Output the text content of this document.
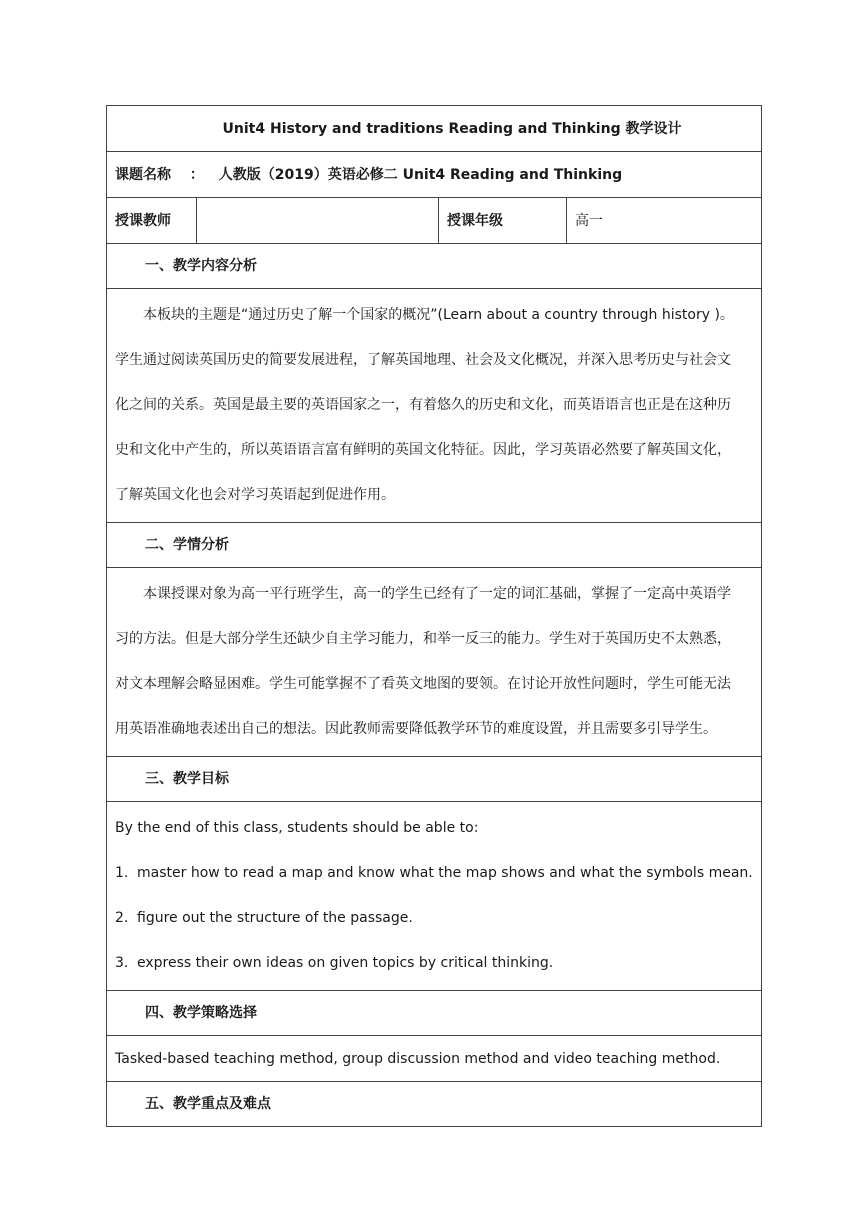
Unit4 History and traditions Reading and Thinking 教学设计
课题名称 ： 人教版（2019）英语必修二 Unit4 Reading and Thinking
授课教师		授课年级	高一
一、教学内容分析

本板块的主题是“通过历史了解一个国家的概况”(Learn about a country through history )。

学生通过阅读英国历史的简要发展进程，了解英国地理、社会及文化概况，并深入思考历史与社会文

化之间的关系。英国是最主要的英语国家之一，有着悠久的历史和文化，而英语语言也正是在这种历

史和文化中产生的，所以英语语言富有鲜明的英国文化特征。因此，学习英语必然要了解英国文化，

了解英国文化也会对学习英语起到促进作用。

二、学情分析

本课授课对象为高一平行班学生，高一的学生已经有了一定的词汇基础，掌握了一定高中英语学

习的方法。但是大部分学生还缺少自主学习能力，和举一反三的能力。学生对于英国历史不太熟悉，

对文本理解会略显困难。学生可能掌握不了看英文地图的要领。在讨论开放性问题时，学生可能无法

用英语准确地表述出自己的想法。因此教师需要降低教学环节的难度设置，并且需要多引导学生。

三、教学目标

By the end of this class, students should be able to:

1. master how to read a map and know what the map shows and what the symbols mean.
2. figure out the structure of the passage.
3. express their own ideas on given topics by critical thinking.

四、教学策略选择
Tasked-based teaching method, group discussion method and video teaching method.
五、教学重点及难点
